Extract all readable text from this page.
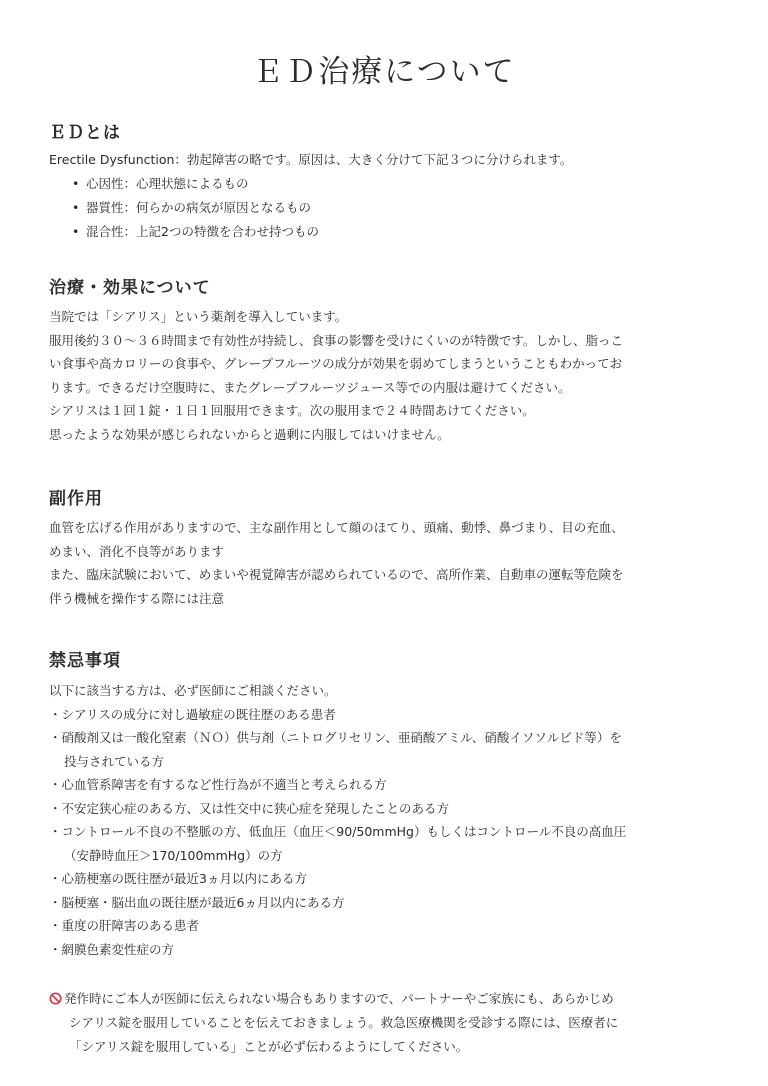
ＥＤ治療について
ＥＤとは
Erectile Dysfunction：勃起障害の略です。原因は、大きく分けて下記３つに分けられます。
• 心因性：心理状態によるもの
• 器質性：何らかの病気が原因となるもの
• 混合性：上記2つの特徴を合わせ持つもの
治療・効果について
当院では「シアリス」という薬剤を導入しています。
服用後約３０～３６時間まで有効性が持続し、食事の影響を受けにくいのが特徴です。しかし、脂っこ
い食事や高カロリーの食事や、グレープフルーツの成分が効果を弱めてしまうということもわかってお
ります。できるだけ空腹時に、またグレープフルーツジュース等での内服は避けてください。
シアリスは１回１錠・１日１回服用できます。次の服用まで２４時間あけてください。
思ったような効果が感じられないからと過剰に内服してはいけません。
副作用
血管を広げる作用がありますので、主な副作用として顔のほてり、頭痛、動悸、鼻づまり、目の充血、
めまい、消化不良等があります
また、臨床試験において、めまいや視覚障害が認められているので、高所作業、自動車の運転等危険を
伴う機械を操作する際には注意
禁忌事項
以下に該当する方は、必ず医師にご相談ください。
・シアリスの成分に対し過敏症の既往歴のある患者
・硝酸剤又は一酸化窒素（ＮＯ）供与剤（ニトログリセリン、亜硝酸アミル、硝酸イソソルビド等）を
投与されている方
・心血管系障害を有するなど性行為が不適当と考えられる方
・不安定狭心症のある方、又は性交中に狭心症を発現したことのある方
・コントロール不良の不整脈の方、低血圧（血圧＜90/50mmHg）もしくはコントロール不良の高血圧
（安静時血圧＞170/100mmHg）の方
・心筋梗塞の既往歴が最近3ヵ月以内にある方
・脳梗塞・脳出血の既往歴が最近6ヵ月以内にある方
・重度の肝障害のある患者
・網膜色素変性症の方
発作時にご本人が医師に伝えられない場合もありますので、パートナーやご家族にも、あらかじめ
シアリス錠を服用していることを伝えておきましょう。救急医療機関を受診する際には、医療者に
「シアリス錠を服用している」ことが必ず伝わるようにしてください。
